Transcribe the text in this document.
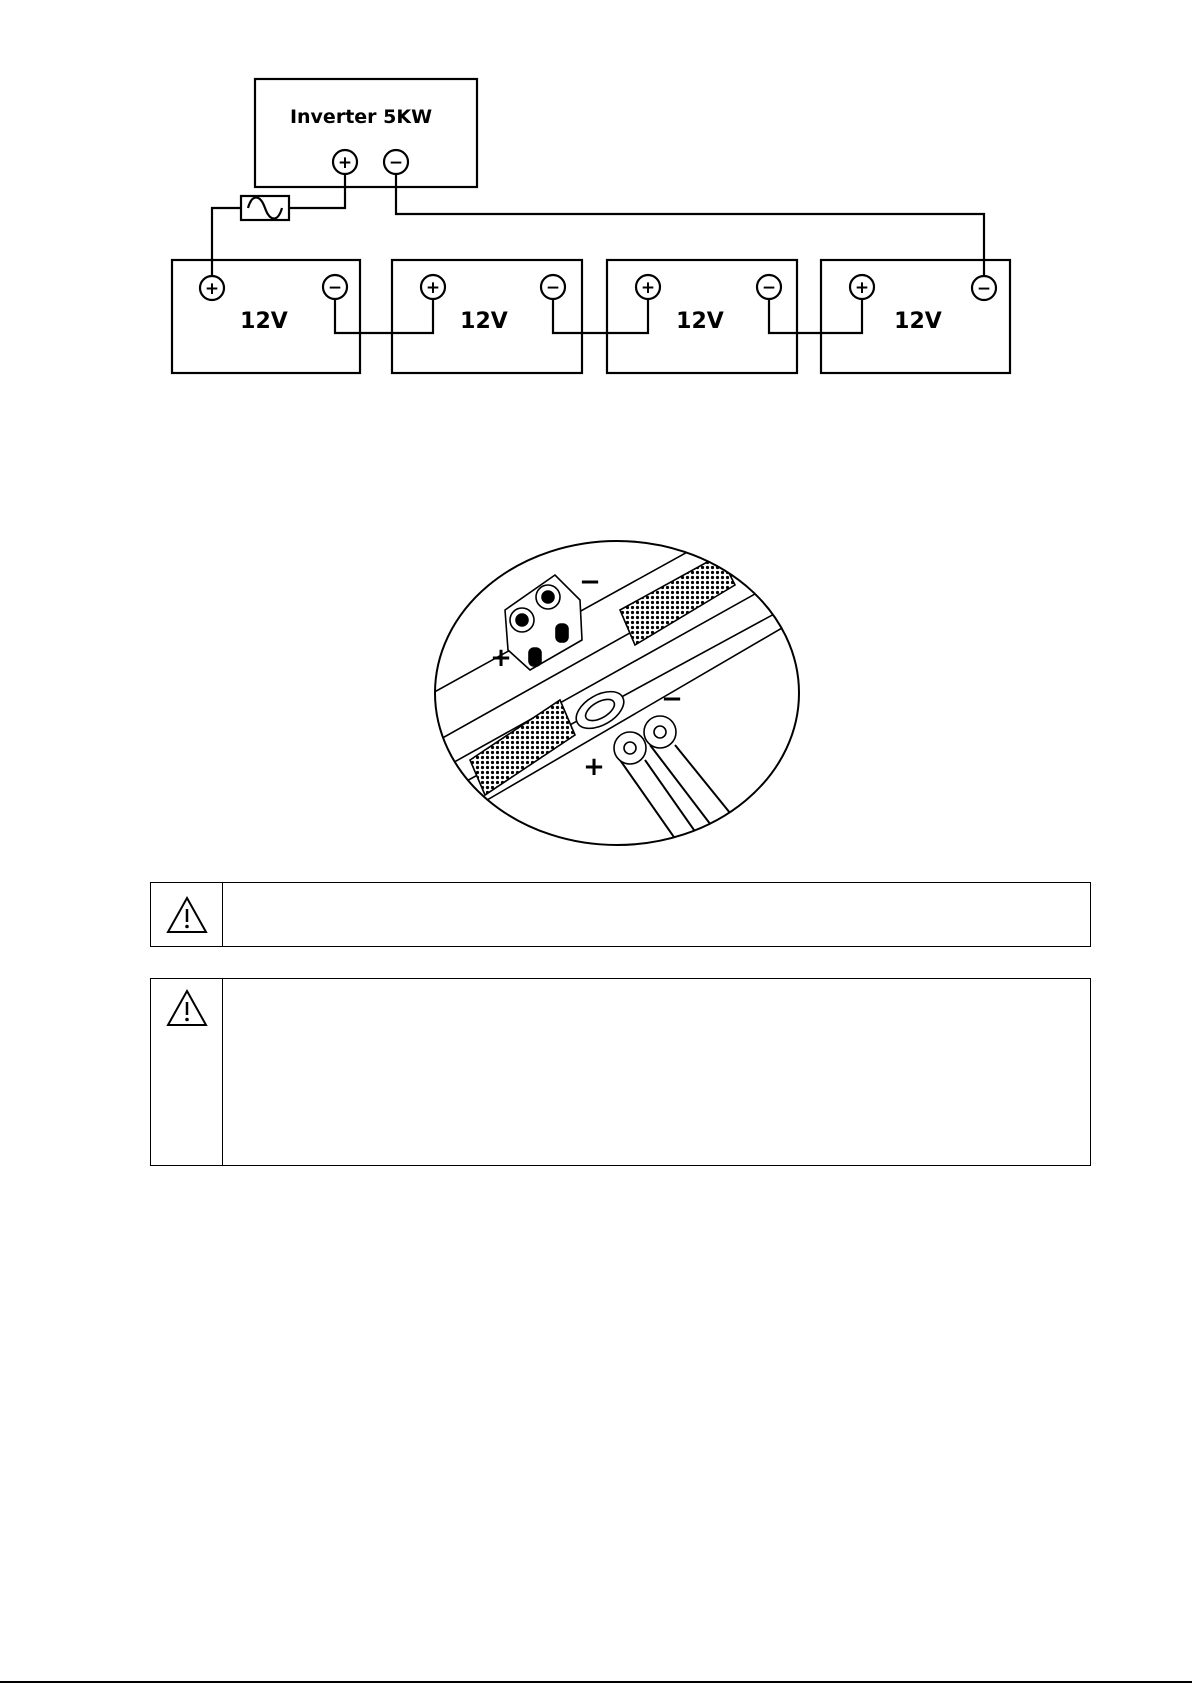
+ −
+	−	+	−	+	−	+	−
Inverter 5KW
12V	12V	12V	12V
−
+
−
+
